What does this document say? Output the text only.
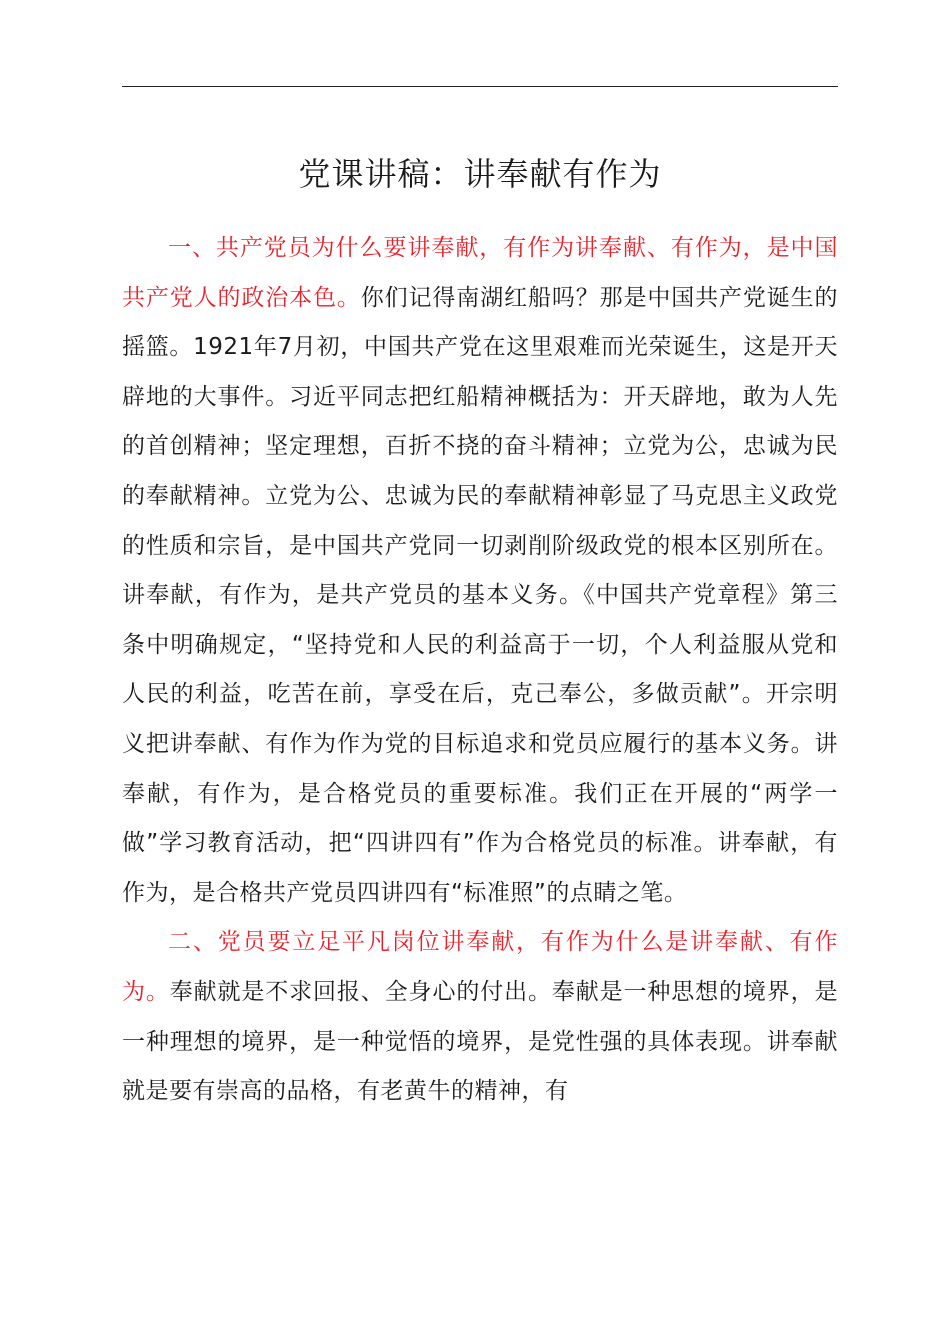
党课讲稿：讲奉献有作为

一、共产党员为什么要讲奉献，有作为讲奉献、有作为，是中国共产党人的政治本色。你们记得南湖红船吗？那是中国共产党诞生的摇篮。1921年7月初，中国共产党在这里艰难而光荣诞生，这是开天辟地的大事件。习近平同志把红船精神概括为：开天辟地，敢为人先的首创精神；坚定理想，百折不挠的奋斗精神；立党为公，忠诚为民的奉献精神。立党为公、忠诚为民的奉献精神彰显了马克思主义政党的性质和宗旨，是中国共产党同一切剥削阶级政党的根本区别所在。讲奉献，有作为，是共产党员的基本义务。《中国共产党章程》第三条中明确规定，“坚持党和人民的利益高于一切，个人利益服从党和人民的利益，吃苦在前，享受在后，克己奉公，多做贡献”。开宗明义把讲奉献、有作为作为党的目标追求和党员应履行的基本义务。讲奉献，有作为，是合格党员的重要标准。我们正在开展的“两学一做”学习教育活动，把“四讲四有”作为合格党员的标准。讲奉献，有作为，是合格共产党员四讲四有“标准照”的点睛之笔。

二、党员要立足平凡岗位讲奉献，有作为什么是讲奉献、有作为。奉献就是不求回报、全身心的付出。奉献是一种思想的境界，是一种理想的境界，是一种觉悟的境界，是党性强的具体表现。讲奉献就是要有崇高的品格，有老黄牛的精神，有
